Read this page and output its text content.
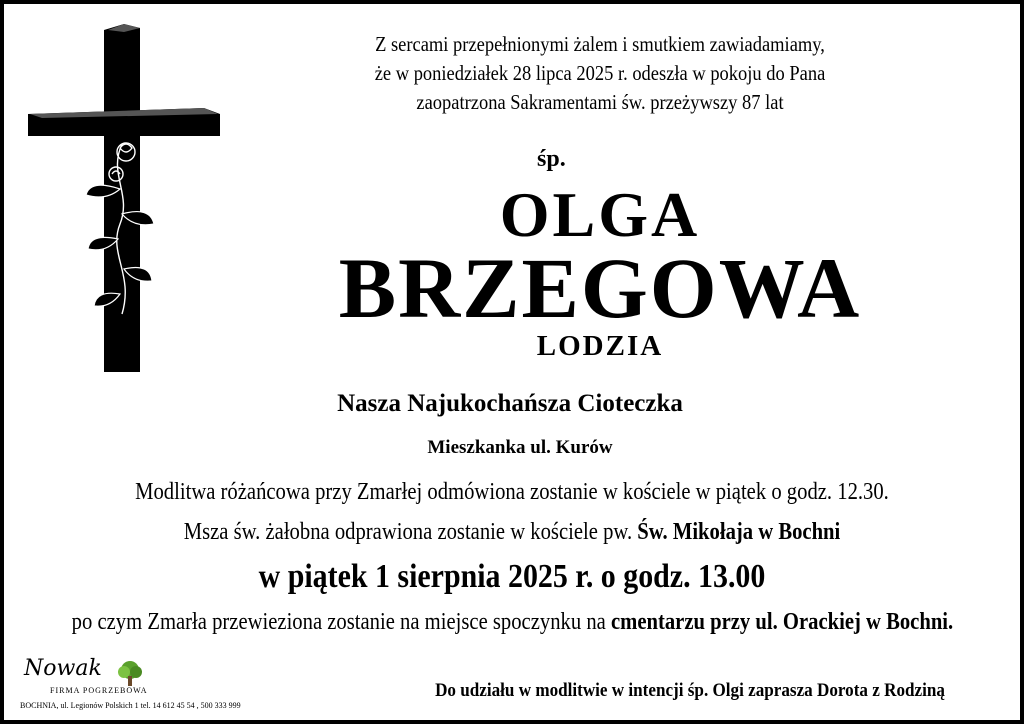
Z sercami przepełnionymi żalem i smutkiem zawiadamiamy,
że w poniedziałek 28 lipca 2025 r. odeszła w pokoju do Pana
zaopatrzona Sakramentami św. przeżywszy 87 lat
śp.
OLGA
BRZEGOWA
LODZIA
Nasza Najukochańsza Cioteczka
Mieszkanka ul. Kurów
Modlitwa różańcowa przy Zmarłej odmówiona zostanie w kościele w piątek o godz. 12.30.
Msza św. żałobna odprawiona zostanie w kościele pw. Św. Mikołaja w Bochni
w piątek 1 sierpnia 2025 r. o godz. 13.00
po czym Zmarła przewieziona zostanie na miejsce spoczynku na cmentarzu przy ul. Orackiej w Bochni.
Do udziału w modlitwie w intencji śp. Olgi zaprasza Dorota z Rodziną
Nowak
FIRMA POGRZEBOWA
BOCHNIA, ul. Legionów Polskich 1 tel. 14 612 45 54 , 500 333 999
